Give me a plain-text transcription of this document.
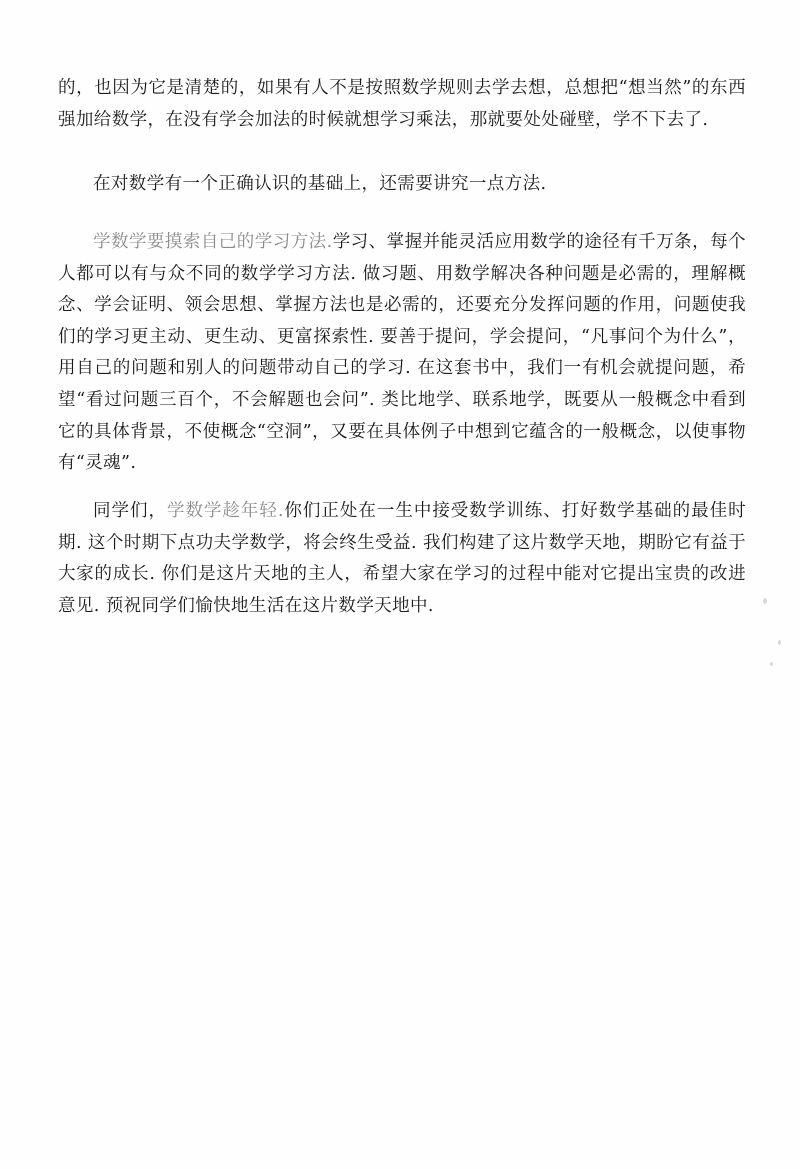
的，也因为它是清楚的，如果有人不是按照数学规则去学去想，总想把“想当然”的东西强加给数学，在没有学会加法的时候就想学习乘法，那就要处处碰壁，学不下去了.

在对数学有一个正确认识的基础上，还需要讲究一点方法.

学数学要摸索自己的学习方法.学习、掌握并能灵活应用数学的途径有千万条，每个人都可以有与众不同的数学学习方法. 做习题、用数学解决各种问题是必需的，理解概念、学会证明、领会思想、掌握方法也是必需的，还要充分发挥问题的作用，问题使我们的学习更主动、更生动、更富探索性. 要善于提问，学会提问，“凡事问个为什么”，用自己的问题和别人的问题带动自己的学习. 在这套书中，我们一有机会就提问题，希望“看过问题三百个，不会解题也会问”. 类比地学、联系地学，既要从一般概念中看到它的具体背景，不使概念“空洞”，又要在具体例子中想到它蕴含的一般概念，以使事物有“灵魂”.

同学们，学数学趁年轻.你们正处在一生中接受数学训练、打好数学基础的最佳时期. 这个时期下点功夫学数学，将会终生受益. 我们构建了这片数学天地，期盼它有益于大家的成长. 你们是这片天地的主人，希望大家在学习的过程中能对它提出宝贵的改进意见. 预祝同学们愉快地生活在这片数学天地中.
